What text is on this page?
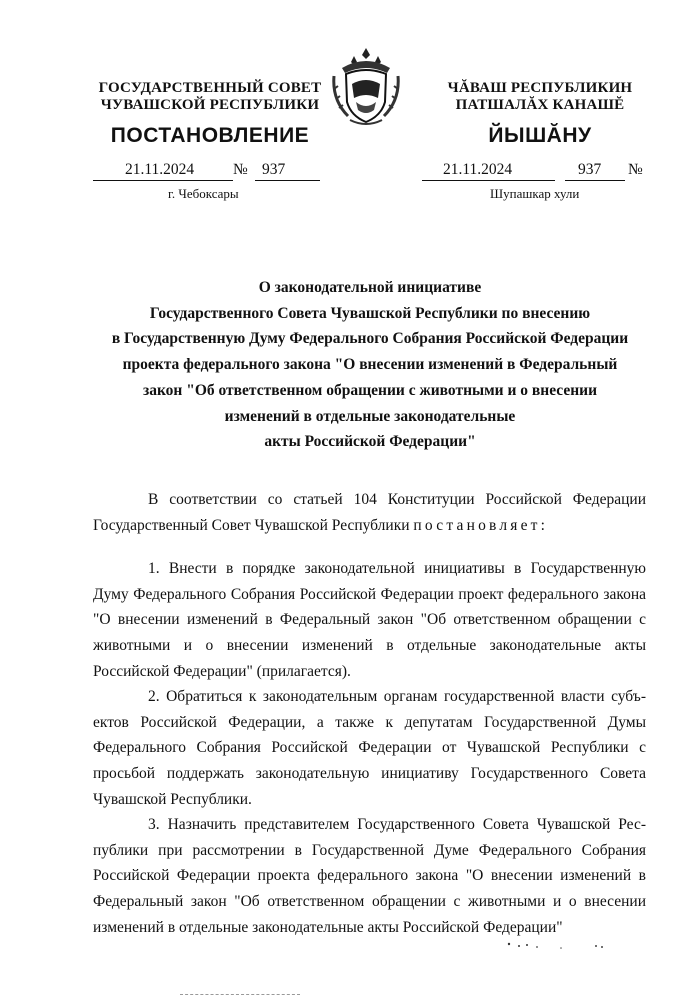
ГОСУДАРСТВЕННЫЙ СОВЕТ
ЧУВАШСКОЙ РЕСПУБЛИКИ
ПОСТАНОВЛЕНИЕ
ЧĂВАШ РЕСПУБЛИКИН
ПАТШАЛĂХ КАНАШĔ
ЙЫШĂНУ
21.11.2024	№ 937	21.11.2024	937 №
г. Чебоксары	Шупашкар хули
О законодательной инициативе
Государственного Совета Чувашской Республики по внесению
в Государственную Думу Федерального Собрания Российской Федерации
проекта федерального закона "О внесении изменений в Федеральный
закон "Об ответственном обращении с животными и о внесении
изменений в отдельные законодательные
акты Российской Федерации"

В соответствии со статьей 104 Конституции Российской Федерации Государственный Совет Чувашской Республики постановляет:

1. Внести в порядке законодательной инициативы в Государственную Думу Федерального Собрания Российской Федерации проект федерального закона "О внесении изменений в Федеральный закон "Об ответственном обращении с животными и о внесении изменений в отдельные законодательные акты Российской Федерации" (прилагается).

2. Обратиться к законодательным органам государственной власти субъектов Российской Федерации, а также к депутатам Государственной Думы Федерального Собрания Российской Федерации от Чувашской Республики с просьбой поддержать законодательную инициативу Государственного Совета Чувашской Республики.

3. Назначить представителем Государственного Совета Чувашской Республики при рассмотрении в Государственной Думе Федерального Собрания Российской Федерации проекта федерального закона "О внесении изменений в Федеральный закон "Об ответственном обращении с животными и о внесении изменений в отдельные законодательные акты Российской Федерации"
